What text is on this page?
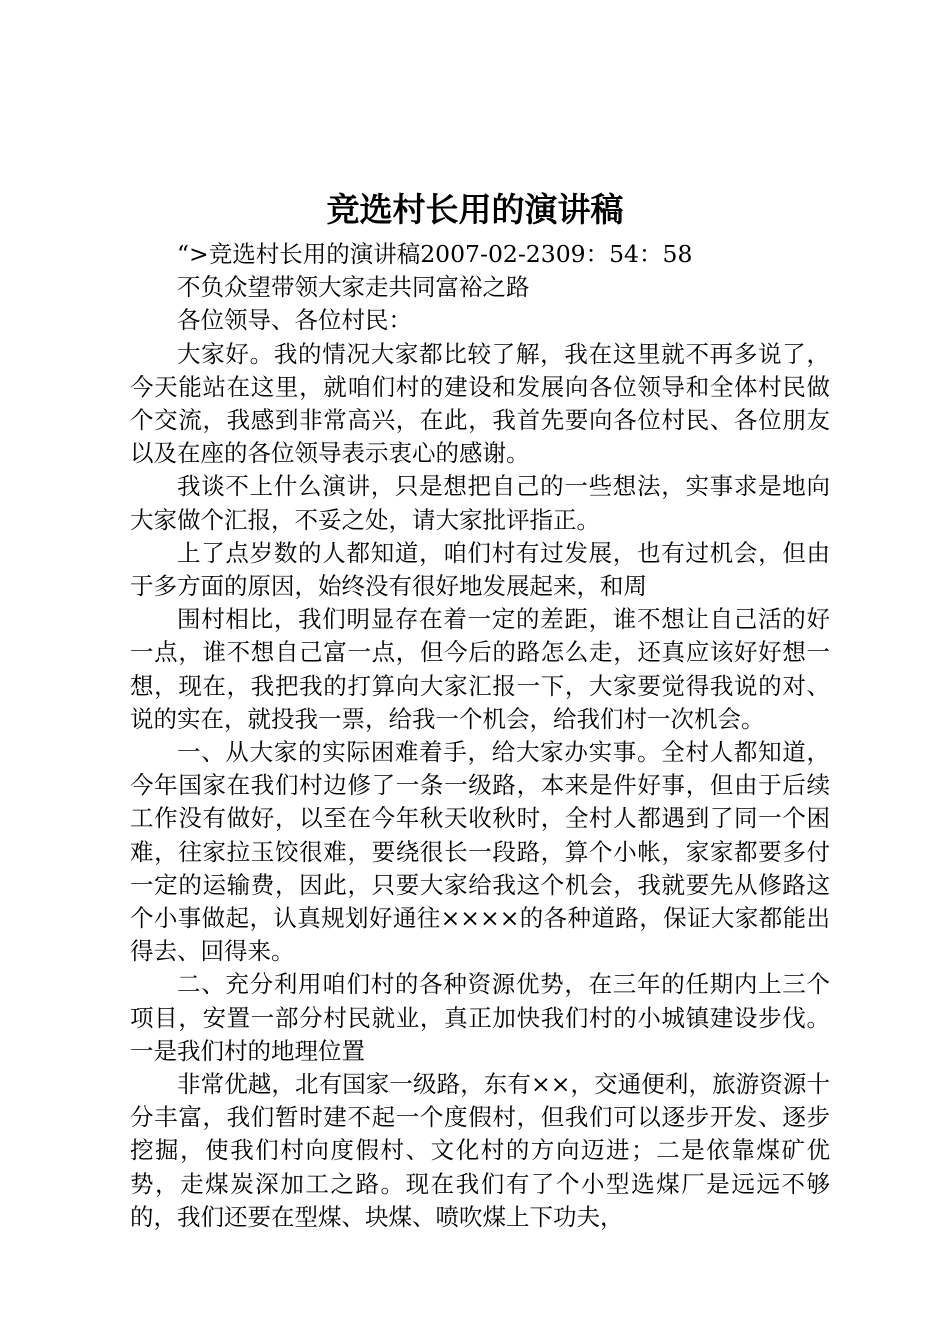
竞选村长用的演讲稿

“>竞选村长用的演讲稿2007-02-2309：54：58

不负众望带领大家走共同富裕之路

各位领导、各位村民：

大家好。我的情况大家都比较了解，我在这里就不再多说了，今天能站在这里，就咱们村的建设和发展向各位领导和全体村民做个交流，我感到非常高兴，在此，我首先要向各位村民、各位朋友以及在座的各位领导表示衷心的感谢。

我谈不上什么演讲，只是想把自己的一些想法，实事求是地向大家做个汇报，不妥之处，请大家批评指正。

上了点岁数的人都知道，咱们村有过发展，也有过机会，但由于多方面的原因，始终没有很好地发展起来，和周

围村相比，我们明显存在着一定的差距，谁不想让自己活的好一点，谁不想自己富一点，但今后的路怎么走，还真应该好好想一想，现在，我把我的打算向大家汇报一下，大家要觉得我说的对、说的实在，就投我一票，给我一个机会，给我们村一次机会。

一、从大家的实际困难着手，给大家办实事。全村人都知道，今年国家在我们村边修了一条一级路，本来是件好事，但由于后续工作没有做好，以至在今年秋天收秋时，全村人都遇到了同一个困难，往家拉玉饺很难，要绕很长一段路，算个小帐，家家都要多付一定的运输费，因此，只要大家给我这个机会，我就要先从修路这个小事做起，认真规划好通往××××的各种道路，保证大家都能出得去、回得来。

二、充分利用咱们村的各种资源优势，在三年的任期内上三个项目，安置一部分村民就业，真正加快我们村的小城镇建设步伐。一是我们村的地理位置

非常优越，北有国家一级路，东有××，交通便利，旅游资源十分丰富，我们暂时建不起一个度假村，但我们可以逐步开发、逐步挖掘，使我们村向度假村、文化村的方向迈进；二是依靠煤矿优势，走煤炭深加工之路。现在我们有了个小型选煤厂是远远不够的，我们还要在型煤、块煤、喷吹煤上下功夫，
